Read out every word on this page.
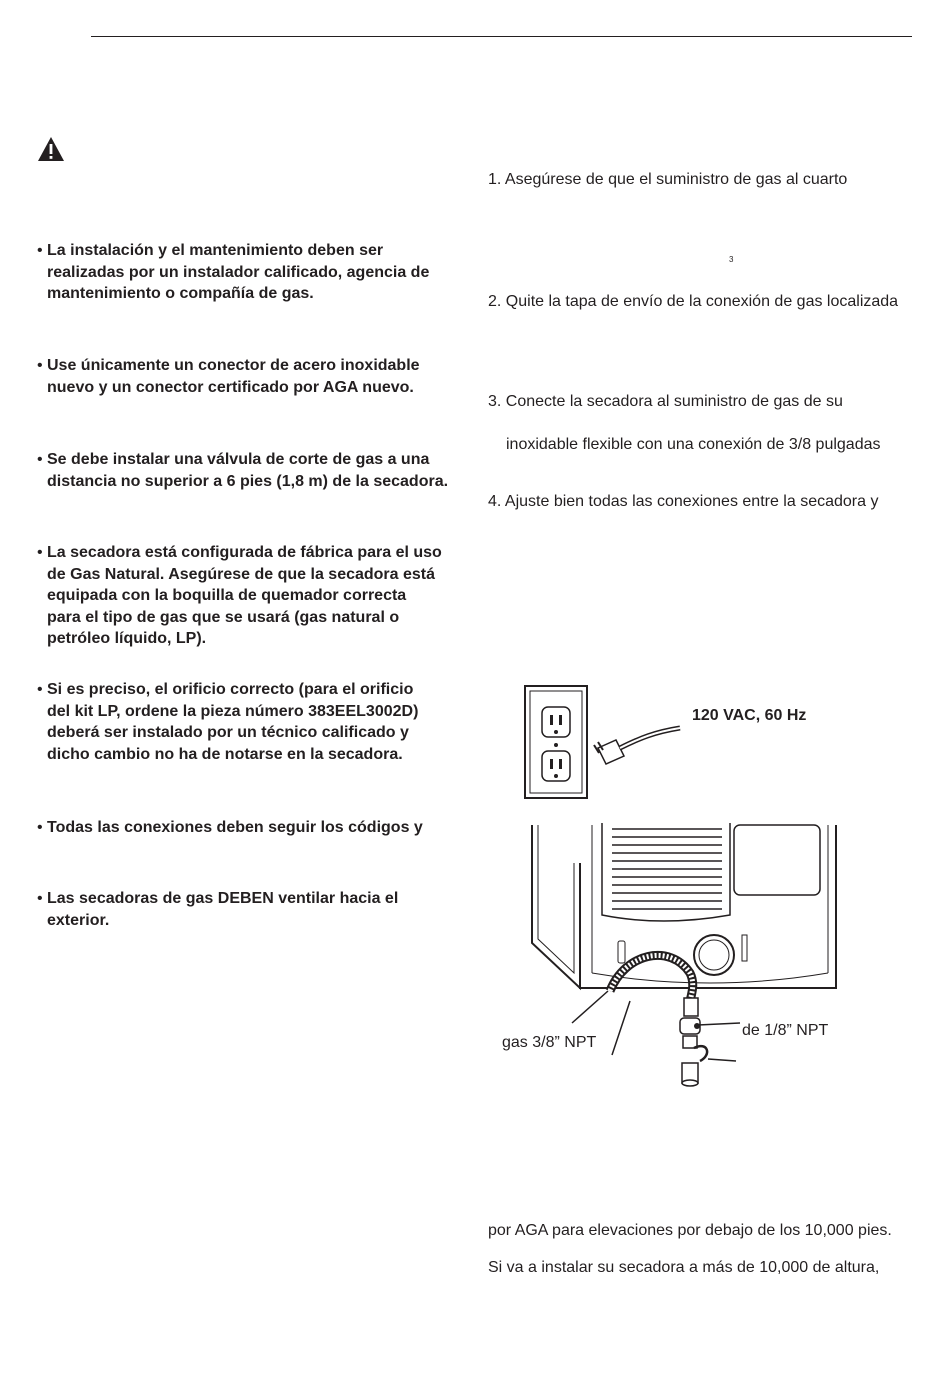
• La instalación y el mantenimiento deben ser
realizadas por un instalador calificado, agencia de
mantenimiento o compañía de gas.
• Use únicamente un conector de acero inoxidable
nuevo y un conector certificado por AGA nuevo.
• Se debe instalar una válvula de corte de gas a una
distancia no superior a 6 pies (1,8 m) de la secadora.
• La secadora está configurada de fábrica para el uso
de Gas Natural. Asegúrese de que la secadora está
equipada con la boquilla de quemador correcta
para el tipo de gas que se usará (gas natural o
petróleo líquido, LP).
• Si es preciso, el orificio correcto (para el orificio
del kit LP, ordene la pieza número 383EEL3002D)
deberá ser instalado por un técnico calificado y
dicho cambio no ha de notarse en la secadora.
• Todas las conexiones deben seguir los códigos y
• Las secadoras de gas DEBEN ventilar hacia el
exterior.
1. Asegúrese de que el suministro de gas al cuarto
3
2. Quite la tapa de envío de la conexión de gas localizada
3. Conecte la secadora al suministro de gas de su
inoxidable flexible con una conexión de 3/8 pulgadas
4. Ajuste bien todas las conexiones entre la secadora y
por AGA para elevaciones por debajo de los 10,000 pies.
Si va a instalar su secadora a más de 10,000 de altura,
120 VAC, 60 Hz
gas 3/8” NPT
de 1/8” NPT
